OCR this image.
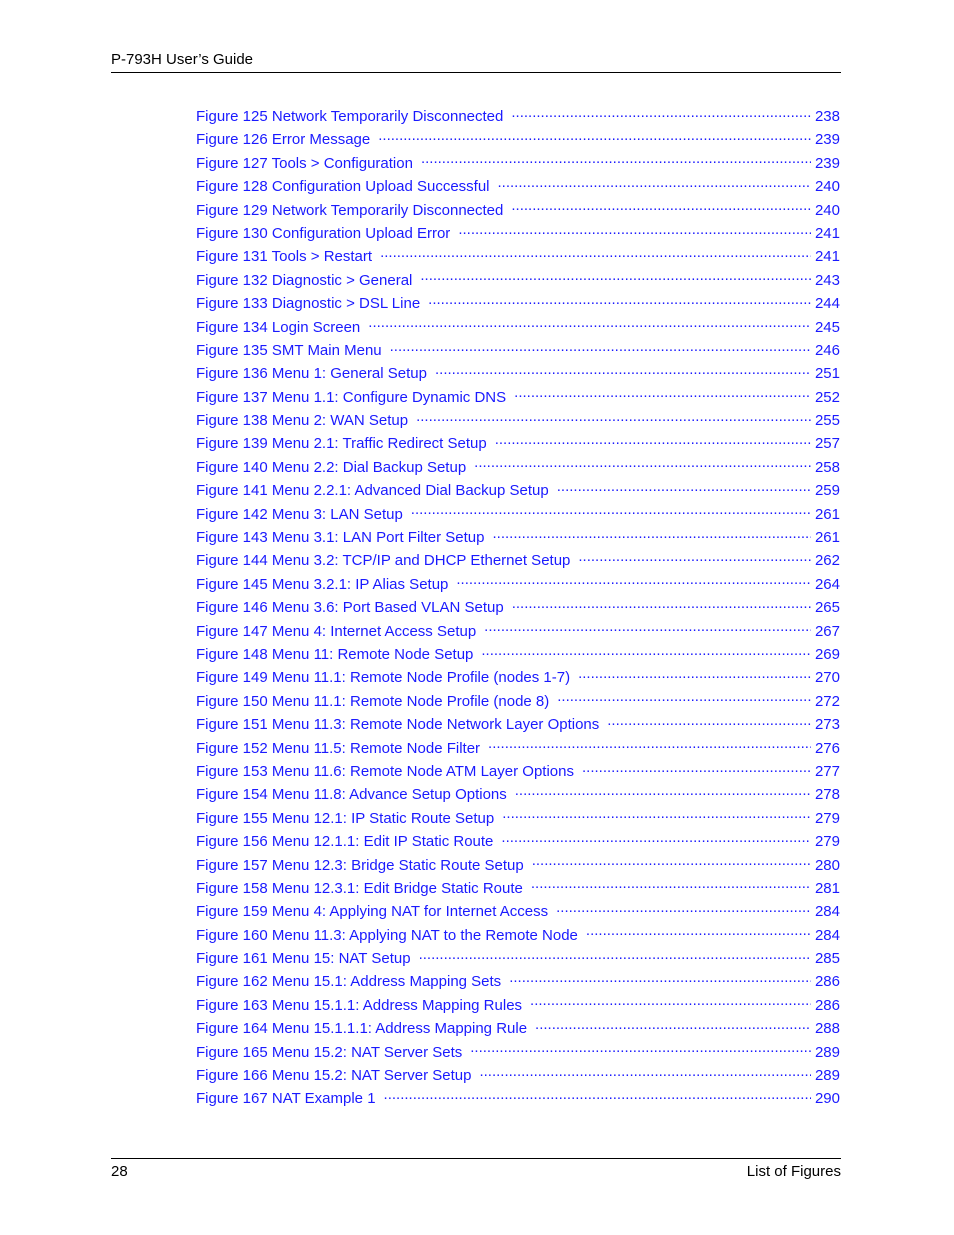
P-793H User’s Guide
Figure 125 Network Temporarily Disconnected .....	238
Figure 126 Error Message .....	239
Figure 127 Tools > Configuration .....	239
Figure 128 Configuration Upload Successful .....	240
Figure 129 Network Temporarily Disconnected .....	240
Figure 130 Configuration Upload Error .....	241
Figure 131 Tools > Restart .....	241
Figure 132 Diagnostic > General .....	243
Figure 133 Diagnostic > DSL Line .....	244
Figure 134 Login Screen .....	245
Figure 135 SMT Main Menu .....	246
Figure 136 Menu 1: General Setup .....	251
Figure 137 Menu 1.1: Configure Dynamic DNS .....	252
Figure 138 Menu 2: WAN Setup .....	255
Figure 139 Menu 2.1: Traffic Redirect Setup .....	257
Figure 140 Menu 2.2: Dial Backup Setup .....	258
Figure 141 Menu 2.2.1: Advanced Dial Backup Setup .....	259
Figure 142 Menu 3: LAN Setup .....	261
Figure 143 Menu 3.1: LAN Port Filter Setup .....	261
Figure 144 Menu 3.2: TCP/IP and DHCP Ethernet Setup .....	262
Figure 145 Menu 3.2.1: IP Alias Setup .....	264
Figure 146 Menu 3.6: Port Based VLAN Setup .....	265
Figure 147 Menu 4: Internet Access Setup .....	267
Figure 148 Menu 11: Remote Node Setup .....	269
Figure 149 Menu 11.1: Remote Node Profile (nodes 1-7) .....	270
Figure 150 Menu 11.1: Remote Node Profile (node 8) .....	272
Figure 151 Menu 11.3: Remote Node Network Layer Options .....	273
Figure 152 Menu 11.5: Remote Node Filter .....	276
Figure 153 Menu 11.6: Remote Node ATM Layer Options .....	277
Figure 154 Menu 11.8: Advance Setup Options .....	278
Figure 155 Menu 12.1: IP Static Route Setup .....	279
Figure 156 Menu 12.1.1: Edit IP Static Route .....	279
Figure 157 Menu 12.3: Bridge Static Route Setup .....	280
Figure 158 Menu 12.3.1: Edit Bridge Static Route .....	281
Figure 159 Menu 4: Applying NAT for Internet Access .....	284
Figure 160 Menu 11.3: Applying NAT to the Remote Node .....	284
Figure 161 Menu 15: NAT Setup .....	285
Figure 162 Menu 15.1: Address Mapping Sets .....	286
Figure 163 Menu 15.1.1: Address Mapping Rules .....	286
Figure 164 Menu 15.1.1.1: Address Mapping Rule .....	288
Figure 165 Menu 15.2: NAT Server Sets .....	289
Figure 166 Menu 15.2: NAT Server Setup .....	289
Figure 167 NAT Example 1 .....	290
28	List of Figures
